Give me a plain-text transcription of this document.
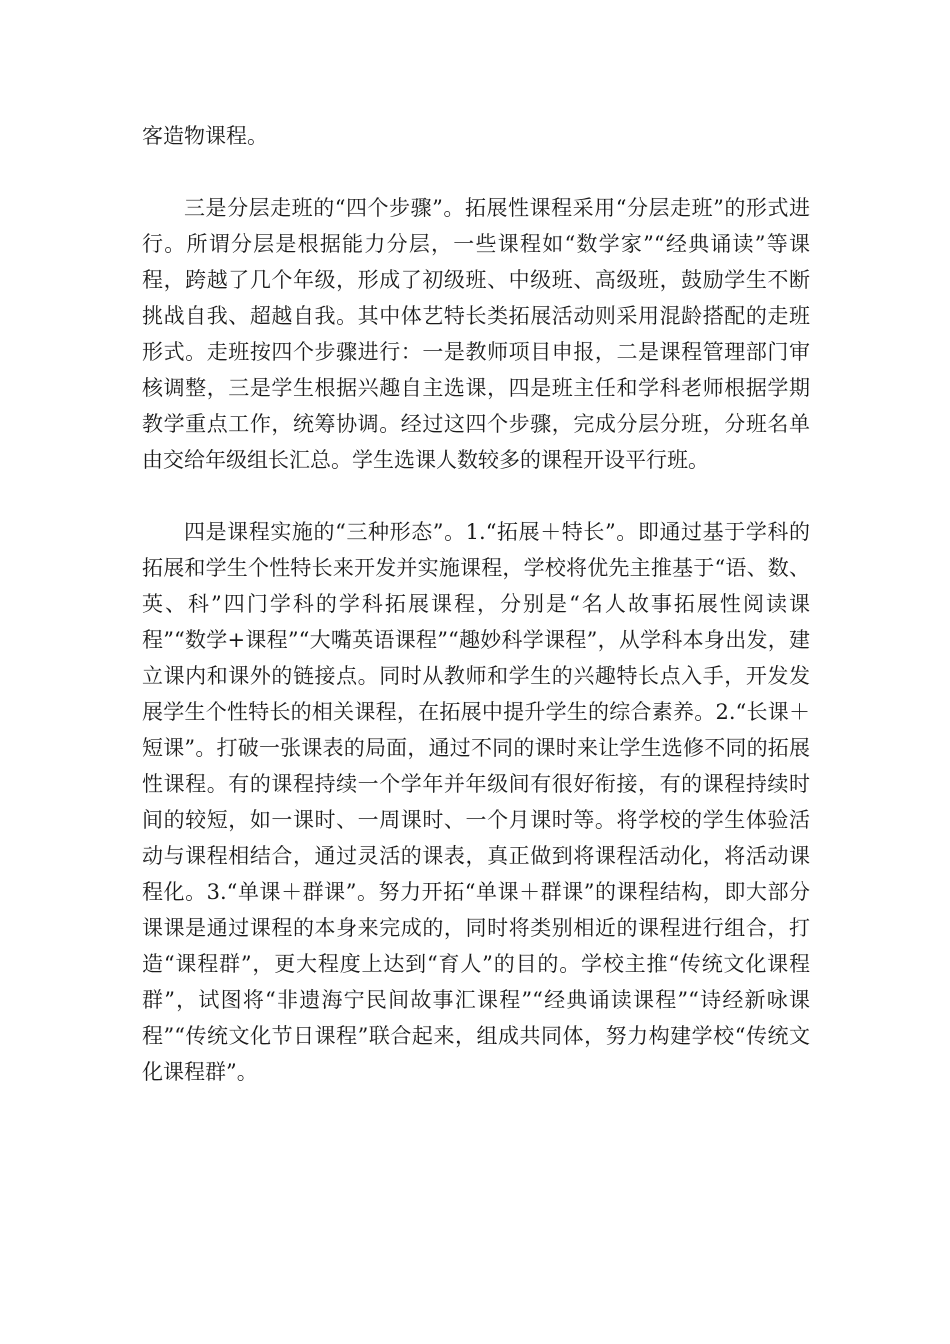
客造物课程。

三是分层走班的“四个步骤”。拓展性课程采用“分层走班”的形式进行。所谓分层是根据能力分层，一些课程如“数学家”“经典诵读”等课程，跨越了几个年级，形成了初级班、中级班、高级班，鼓励学生不断挑战自我、超越自我。其中体艺特长类拓展活动则采用混龄搭配的走班形式。走班按四个步骤进行：一是教师项目申报，二是课程管理部门审核调整，三是学生根据兴趣自主选课，四是班主任和学科老师根据学期教学重点工作，统筹协调。经过这四个步骤，完成分层分班，分班名单由交给年级组长汇总。学生选课人数较多的课程开设平行班。

四是课程实施的“三种形态”。1.“拓展＋特长”。即通过基于学科的拓展和学生个性特长来开发并实施课程，学校将优先主推基于“语、数、英、科”四门学科的学科拓展课程，分别是“名人故事拓展性阅读课程”“数学+课程”“大嘴英语课程”“趣妙科学课程”，从学科本身出发，建立课内和课外的链接点。同时从教师和学生的兴趣特长点入手，开发发展学生个性特长的相关课程，在拓展中提升学生的综合素养。2.“长课＋短课”。打破一张课表的局面，通过不同的课时来让学生选修不同的拓展性课程。有的课程持续一个学年并年级间有很好衔接，有的课程持续时间的较短，如一课时、一周课时、一个月课时等。将学校的学生体验活动与课程相结合，通过灵活的课表，真正做到将课程活动化，将活动课程化。3.“单课＋群课”。努力开拓“单课＋群课”的课程结构，即大部分课课是通过课程的本身来完成的，同时将类别相近的课程进行组合，打造“课程群”，更大程度上达到“育人”的目的。学校主推“传统文化课程群”，试图将“非遗海宁民间故事汇课程”“经典诵读课程”“诗经新咏课程”“传统文化节日课程”联合起来，组成共同体，努力构建学校“传统文化课程群”。
